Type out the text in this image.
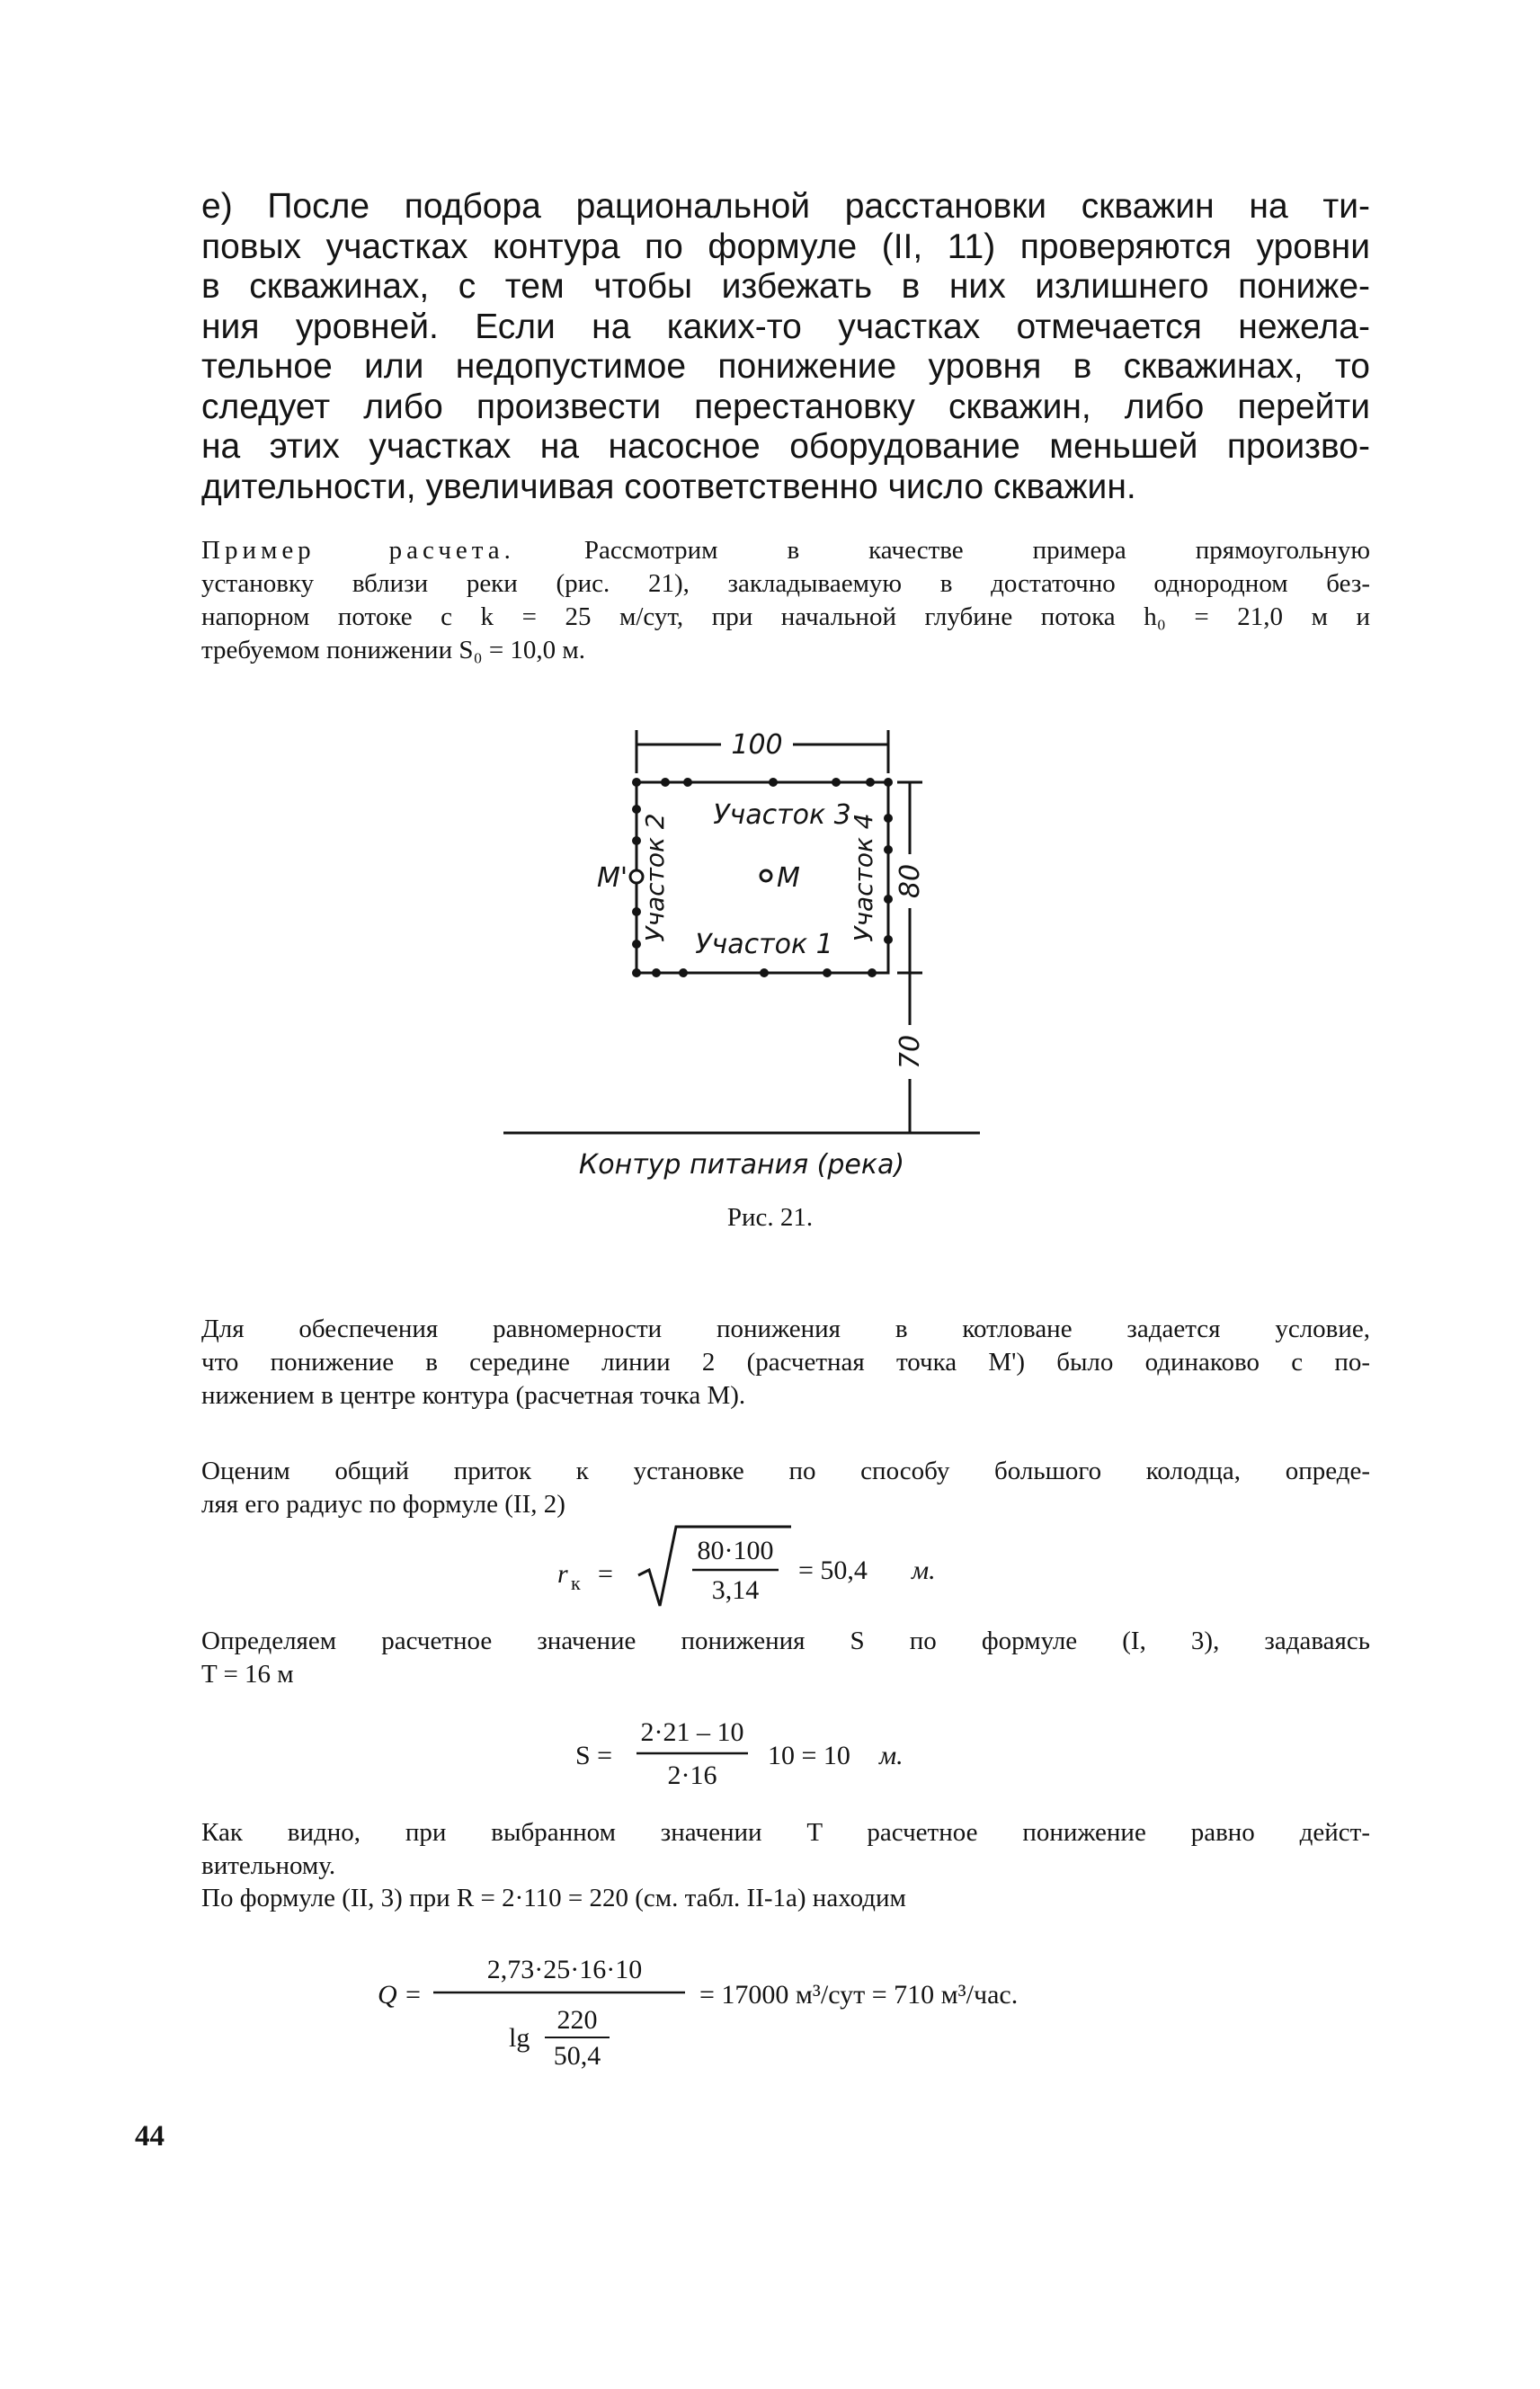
е) После подбора рациональной расстановки скважин на ти-
повых участках контура по формуле (II, 11) проверяются уровни
в скважинах, с тем чтобы избежать в них излишнего пониже-
ния уровней. Если на каких-то участках отмечается нежела-
тельное или недопустимое понижение уровня в скважинах, то
следует либо произвести перестановку скважин, либо перейти
на этих участках на насосное оборудование меньшей произво-
дительности, увеличивая соответственно число скважин.
Пример расчета. Рассмотрим в качестве примера прямоугольную
установку вблизи реки (рис. 21), закладываемую в достаточно однородном без-
напорном потоке с k = 25 м/сут, при начальной глубине потока h₀ = 21,0 м и
требуемом понижении S₀ = 10,0 м.
100
Участок 3
Участок 1
Участок 2	Участок 4
M
M'	80
70
Контур питания (река)
Рис. 21.
Для обеспечения равномерности понижения в котловане задается условие,
что понижение в середине линии 2 (расчетная точка M') было одинаково с по-
нижением в центре контура (расчетная точка M).
Оценим общий приток к установке по способу большого колодца, опреде-
ляя его радиус по формуле (II, 2)
r к =
80·100
3,14
= 50,4 м.
Определяем расчетное значение понижения S по формуле (I, 3), задаваясь
T = 16 м
S =
2·21 – 10
2·16
10 = 10 м.
Как видно, при выбранном значении T расчетное понижение равно дейст-
вительному.
По формуле (II, 3) при R = 2·110 = 220 (см. табл. II-1а) находим
Q =
2,73·25·16·10
lg
220
50,4
= 17000 м³/сут = 710 м³/час.
44
